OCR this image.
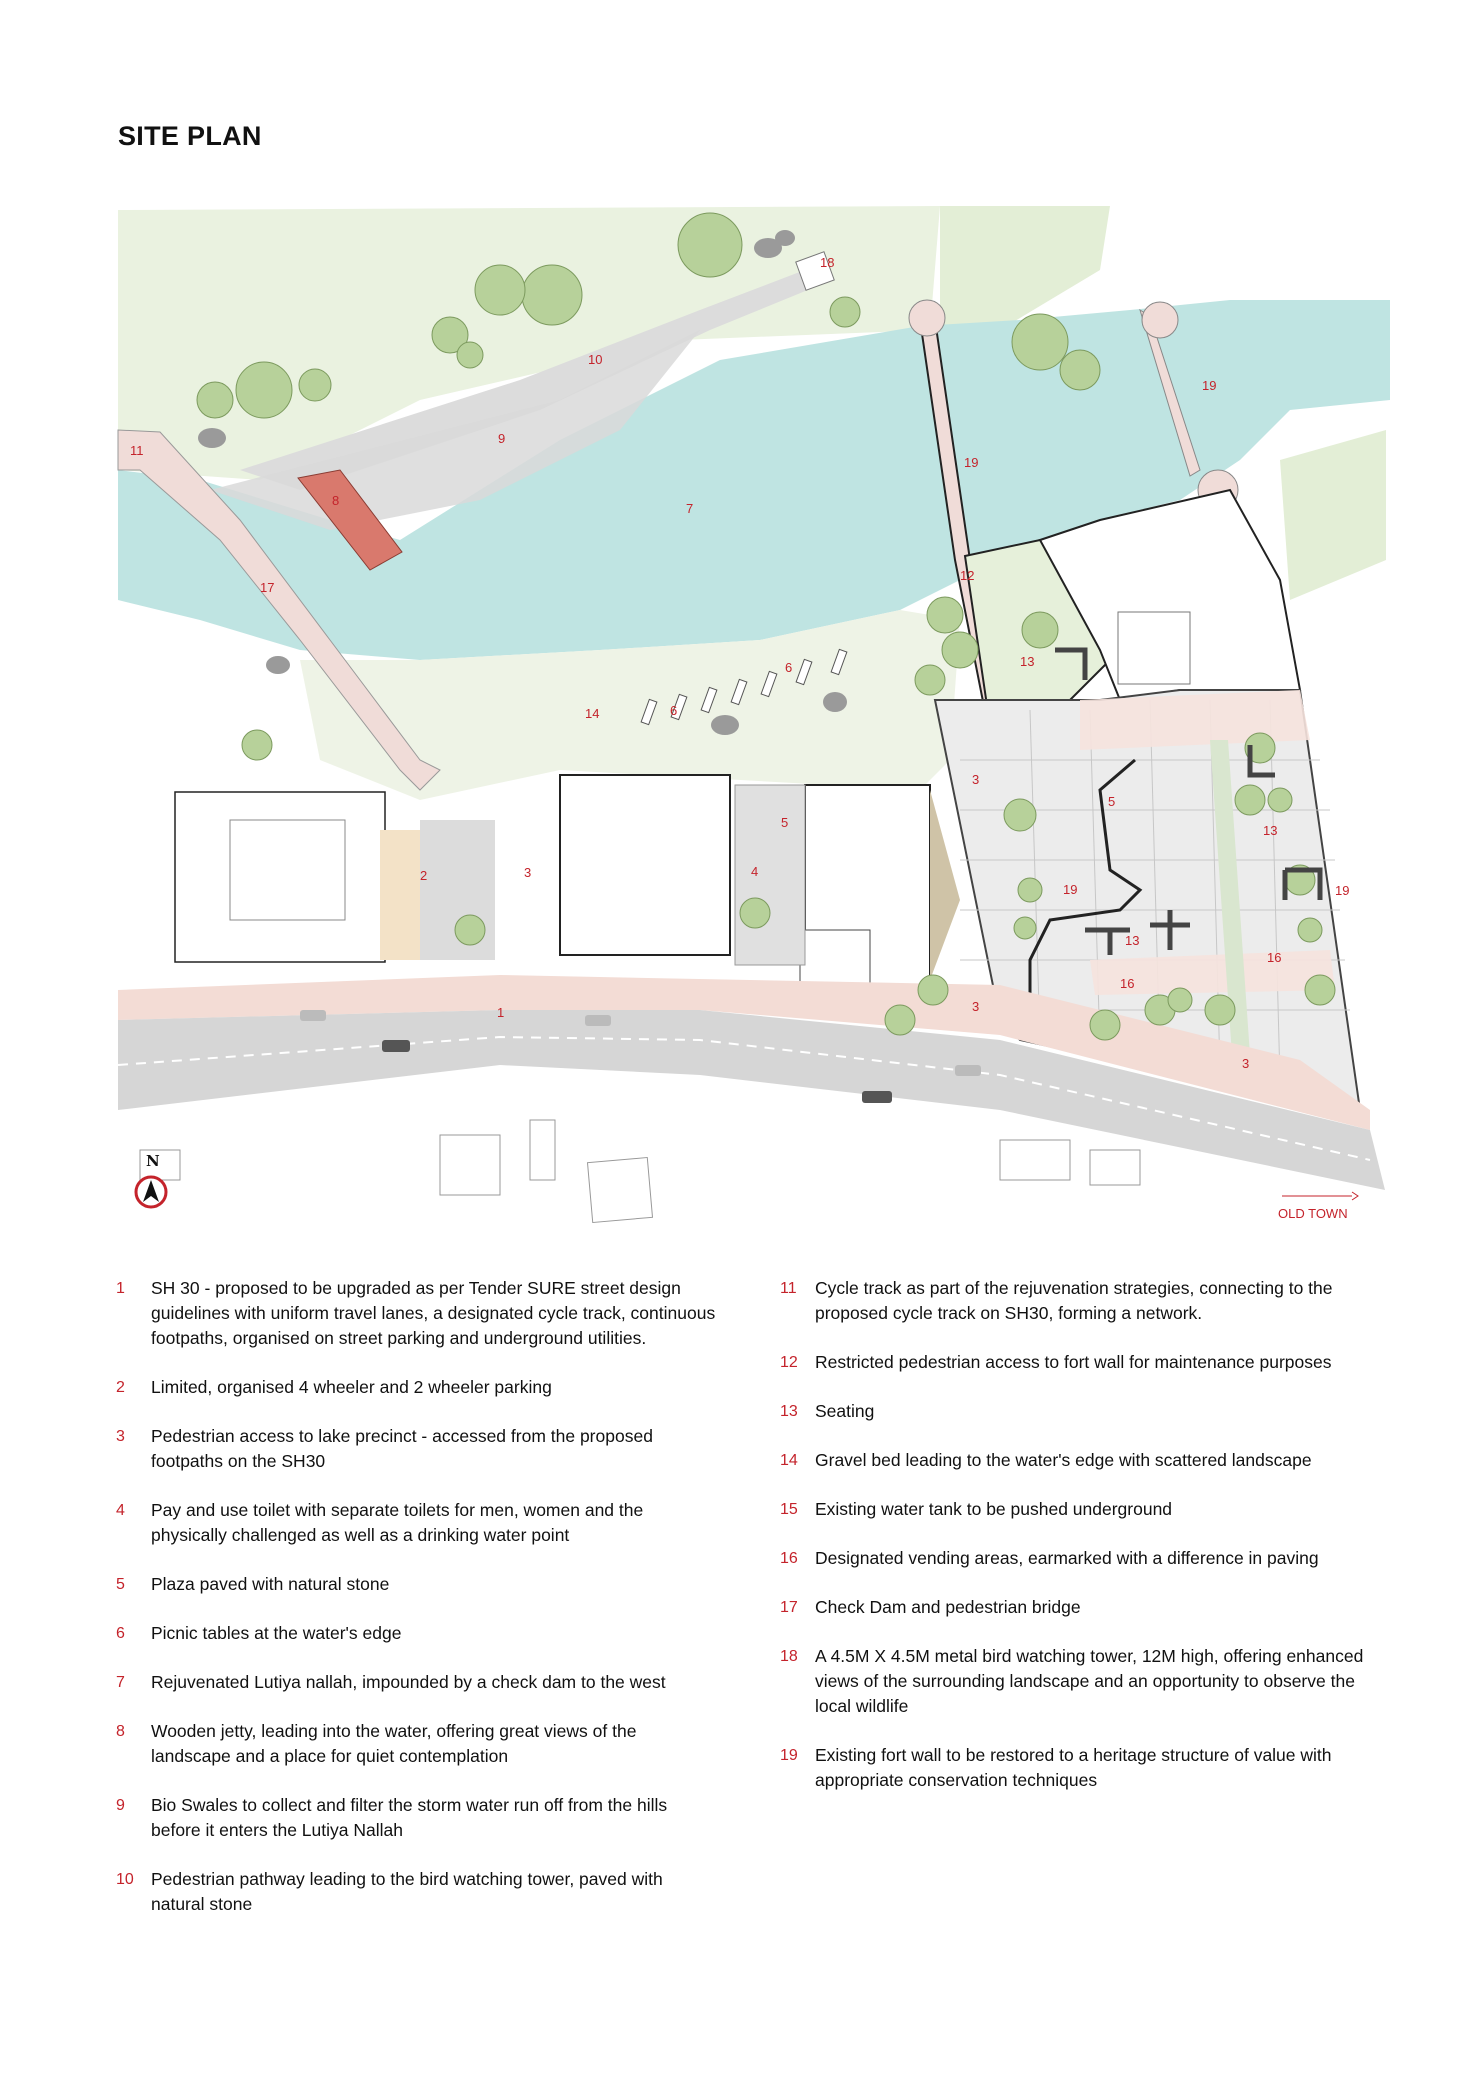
SITE PLAN
N
OLD TOWN
18
10
11
9
8
7
17
19
19
12
13
14
6
6
2	3
5
4
3
19
13
5
13
19
16
16
1	3
3
1	SH 30 - proposed to be upgraded as per Tender SURE street design guidelines with uniform travel lanes, a designated cycle track, continuous footpaths, organised on street parking and underground utilities.
2	Limited, organised 4 wheeler and 2 wheeler parking
3	Pedestrian access to lake precinct - accessed from the proposed footpaths on the SH30
4	Pay and use toilet with separate toilets for men, women and the physically challenged as well as a drinking water point
5	Plaza paved with natural stone
6	Picnic tables at the water's edge
7	Rejuvenated Lutiya nallah, impounded by a check dam to the west
8	Wooden jetty, leading into the water, offering great views of the landscape and a place for quiet contemplation
9	Bio Swales to collect and filter the storm water run off from the hills before it enters the Lutiya Nallah
10 Pedestrian pathway leading to the bird watching tower, paved with natural stone
11	Cycle track as part of the rejuvenation strategies, connecting to the proposed cycle track on SH30, forming a network.
12 Restricted pedestrian access to fort wall for maintenance purposes
13 Seating
14 Gravel bed leading to the water's edge with scattered landscape
15 Existing water tank to be pushed underground
16 Designated vending areas, earmarked with a difference in paving
17 Check Dam and pedestrian bridge
18 A 4.5M X 4.5M metal bird watching tower, 12M high, offering enhanced views of the surrounding landscape and an opportunity to observe the local wildlife
19 Existing fort wall to be restored to a heritage structure of value with appropriate conservation techniques
